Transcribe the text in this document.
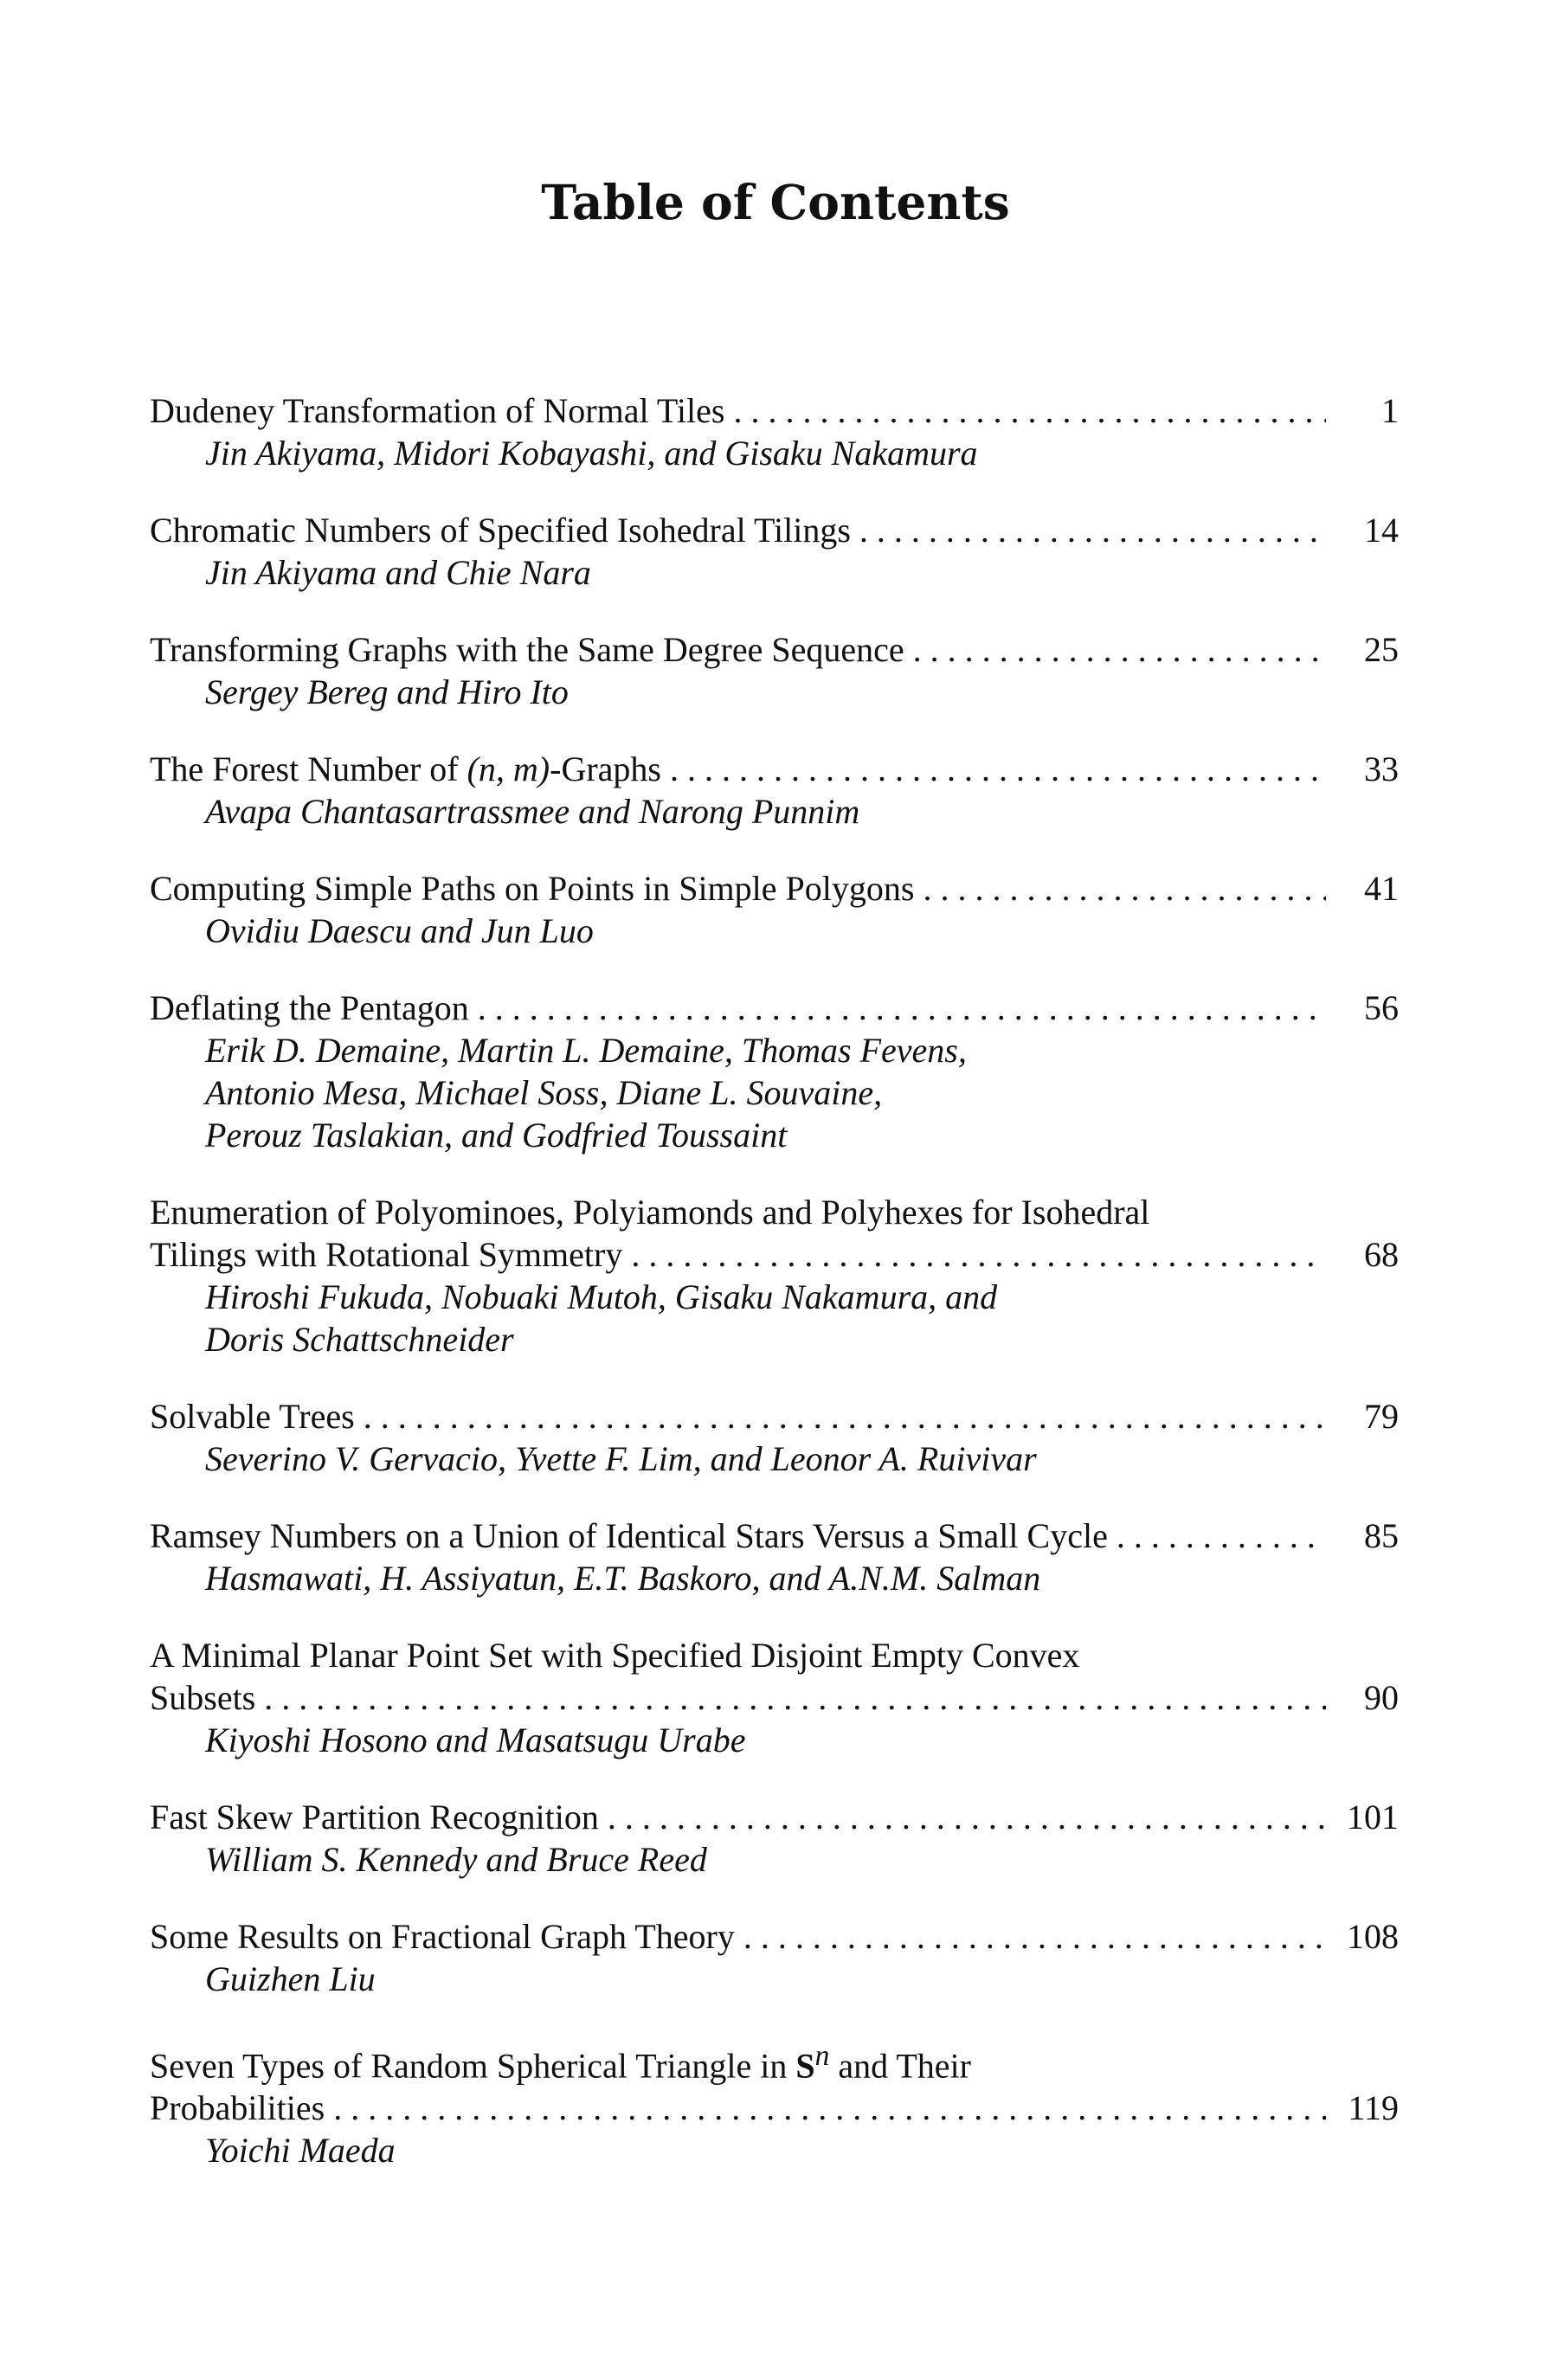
Table of Contents
Dudeney Transformation of Normal Tiles . . .	1
Jin Akiyama, Midori Kobayashi, and Gisaku Nakamura
Chromatic Numbers of Specified Isohedral Tilings . . .	14
Jin Akiyama and Chie Nara
Transforming Graphs with the Same Degree Sequence . . .	25
Sergey Bereg and Hiro Ito
The Forest Number of (n, m)-Graphs . . .	33
Avapa Chantasartrassmee and Narong Punnim
Computing Simple Paths on Points in Simple Polygons . . .	41
Ovidiu Daescu and Jun Luo
Deflating the Pentagon . . .	56
Erik D. Demaine, Martin L. Demaine, Thomas Fevens,
Antonio Mesa, Michael Soss, Diane L. Souvaine,
Perouz Taslakian, and Godfried Toussaint
Enumeration of Polyominoes, Polyiamonds and Polyhexes for Isohedral
Tilings with Rotational Symmetry . . .	68
Hiroshi Fukuda, Nobuaki Mutoh, Gisaku Nakamura, and
Doris Schattschneider
Solvable Trees . . .	79
Severino V. Gervacio, Yvette F. Lim, and Leonor A. Ruivivar
Ramsey Numbers on a Union of Identical Stars Versus a Small Cycle . . .	85
Hasmawati, H. Assiyatun, E.T. Baskoro, and A.N.M. Salman
A Minimal Planar Point Set with Specified Disjoint Empty Convex
Subsets . . .	90
Kiyoshi Hosono and Masatsugu Urabe
Fast Skew Partition Recognition . . .	101
William S. Kennedy and Bruce Reed
Some Results on Fractional Graph Theory . . .	108
Guizhen Liu
Seven Types of Random Spherical Triangle in $S^n$ and Their
Probabilities . . .	119
Yoichi Maeda
